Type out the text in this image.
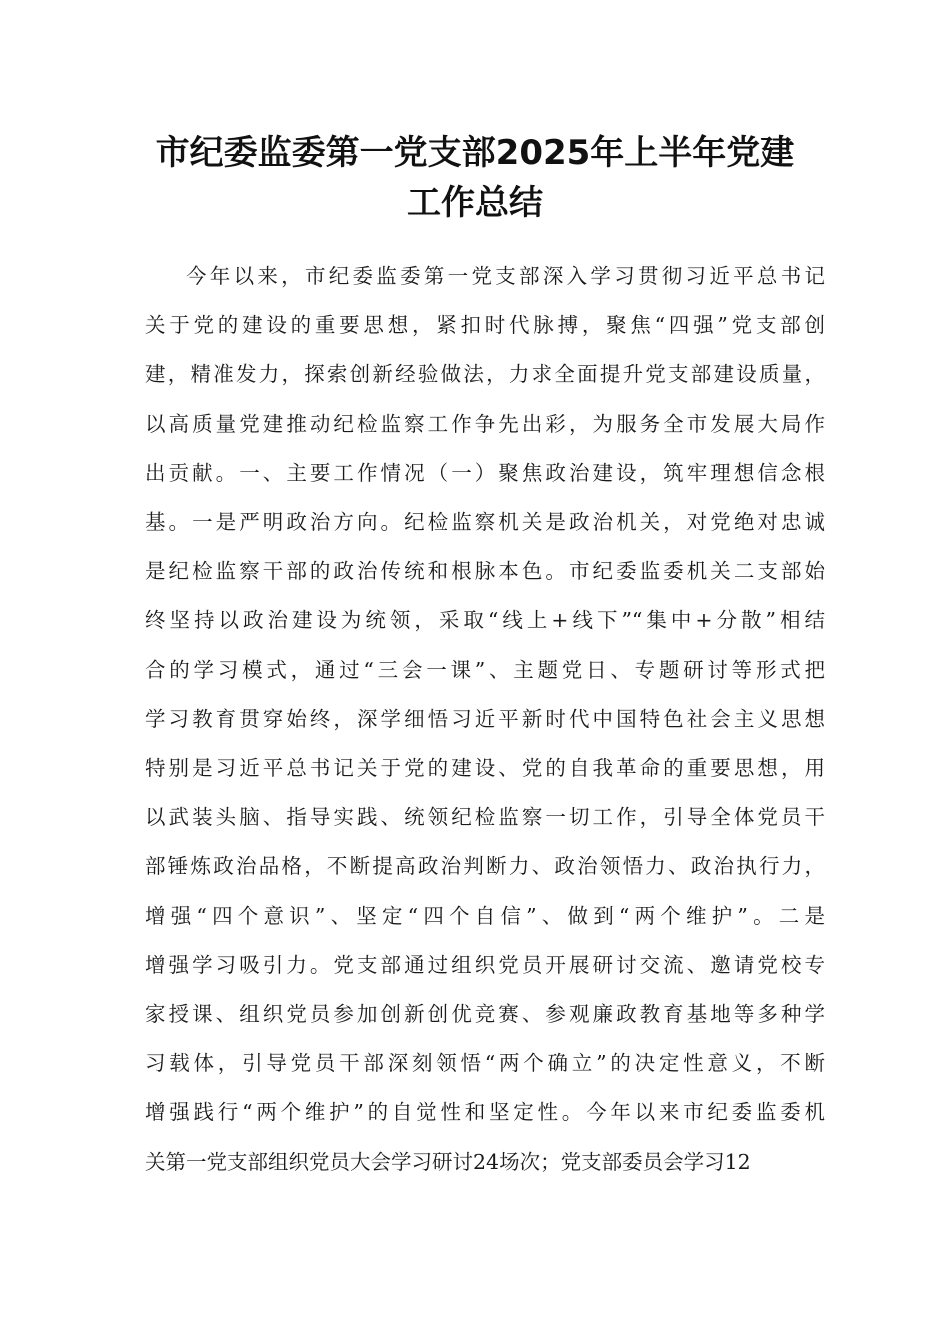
市纪委监委第一党支部2025年上半年党建
工作总结
今年以来，市纪委监委第一党支部深入学习贯彻习近平总书记
关于党的建设的重要思想，紧扣时代脉搏，聚焦“四强”党支部创
建，精准发力，探索创新经验做法，力求全面提升党支部建设质量，
以高质量党建推动纪检监察工作争先出彩，为服务全市发展大局作
出贡献。一、主要工作情况（一）聚焦政治建设，筑牢理想信念根
基。一是严明政治方向。纪检监察机关是政治机关，对党绝对忠诚
是纪检监察干部的政治传统和根脉本色。市纪委监委机关二支部始
终坚持以政治建设为统领，采取“线上+线下”“集中+分散”相结
合的学习模式，通过“三会一课”、主题党日、专题研讨等形式把
学习教育贯穿始终，深学细悟习近平新时代中国特色社会主义思想
特别是习近平总书记关于党的建设、党的自我革命的重要思想，用
以武装头脑、指导实践、统领纪检监察一切工作，引导全体党员干
部锤炼政治品格，不断提高政治判断力、政治领悟力、政治执行力，
增强“四个意识”、坚定“四个自信”、做到“两个维护”。二是
增强学习吸引力。党支部通过组织党员开展研讨交流、邀请党校专
家授课、组织党员参加创新创优竞赛、参观廉政教育基地等多种学
习载体，引导党员干部深刻领悟“两个确立”的决定性意义，不断
增强践行“两个维护”的自觉性和坚定性。今年以来市纪委监委机
关第一党支部组织党员大会学习研讨24场次；党支部委员会学习12
